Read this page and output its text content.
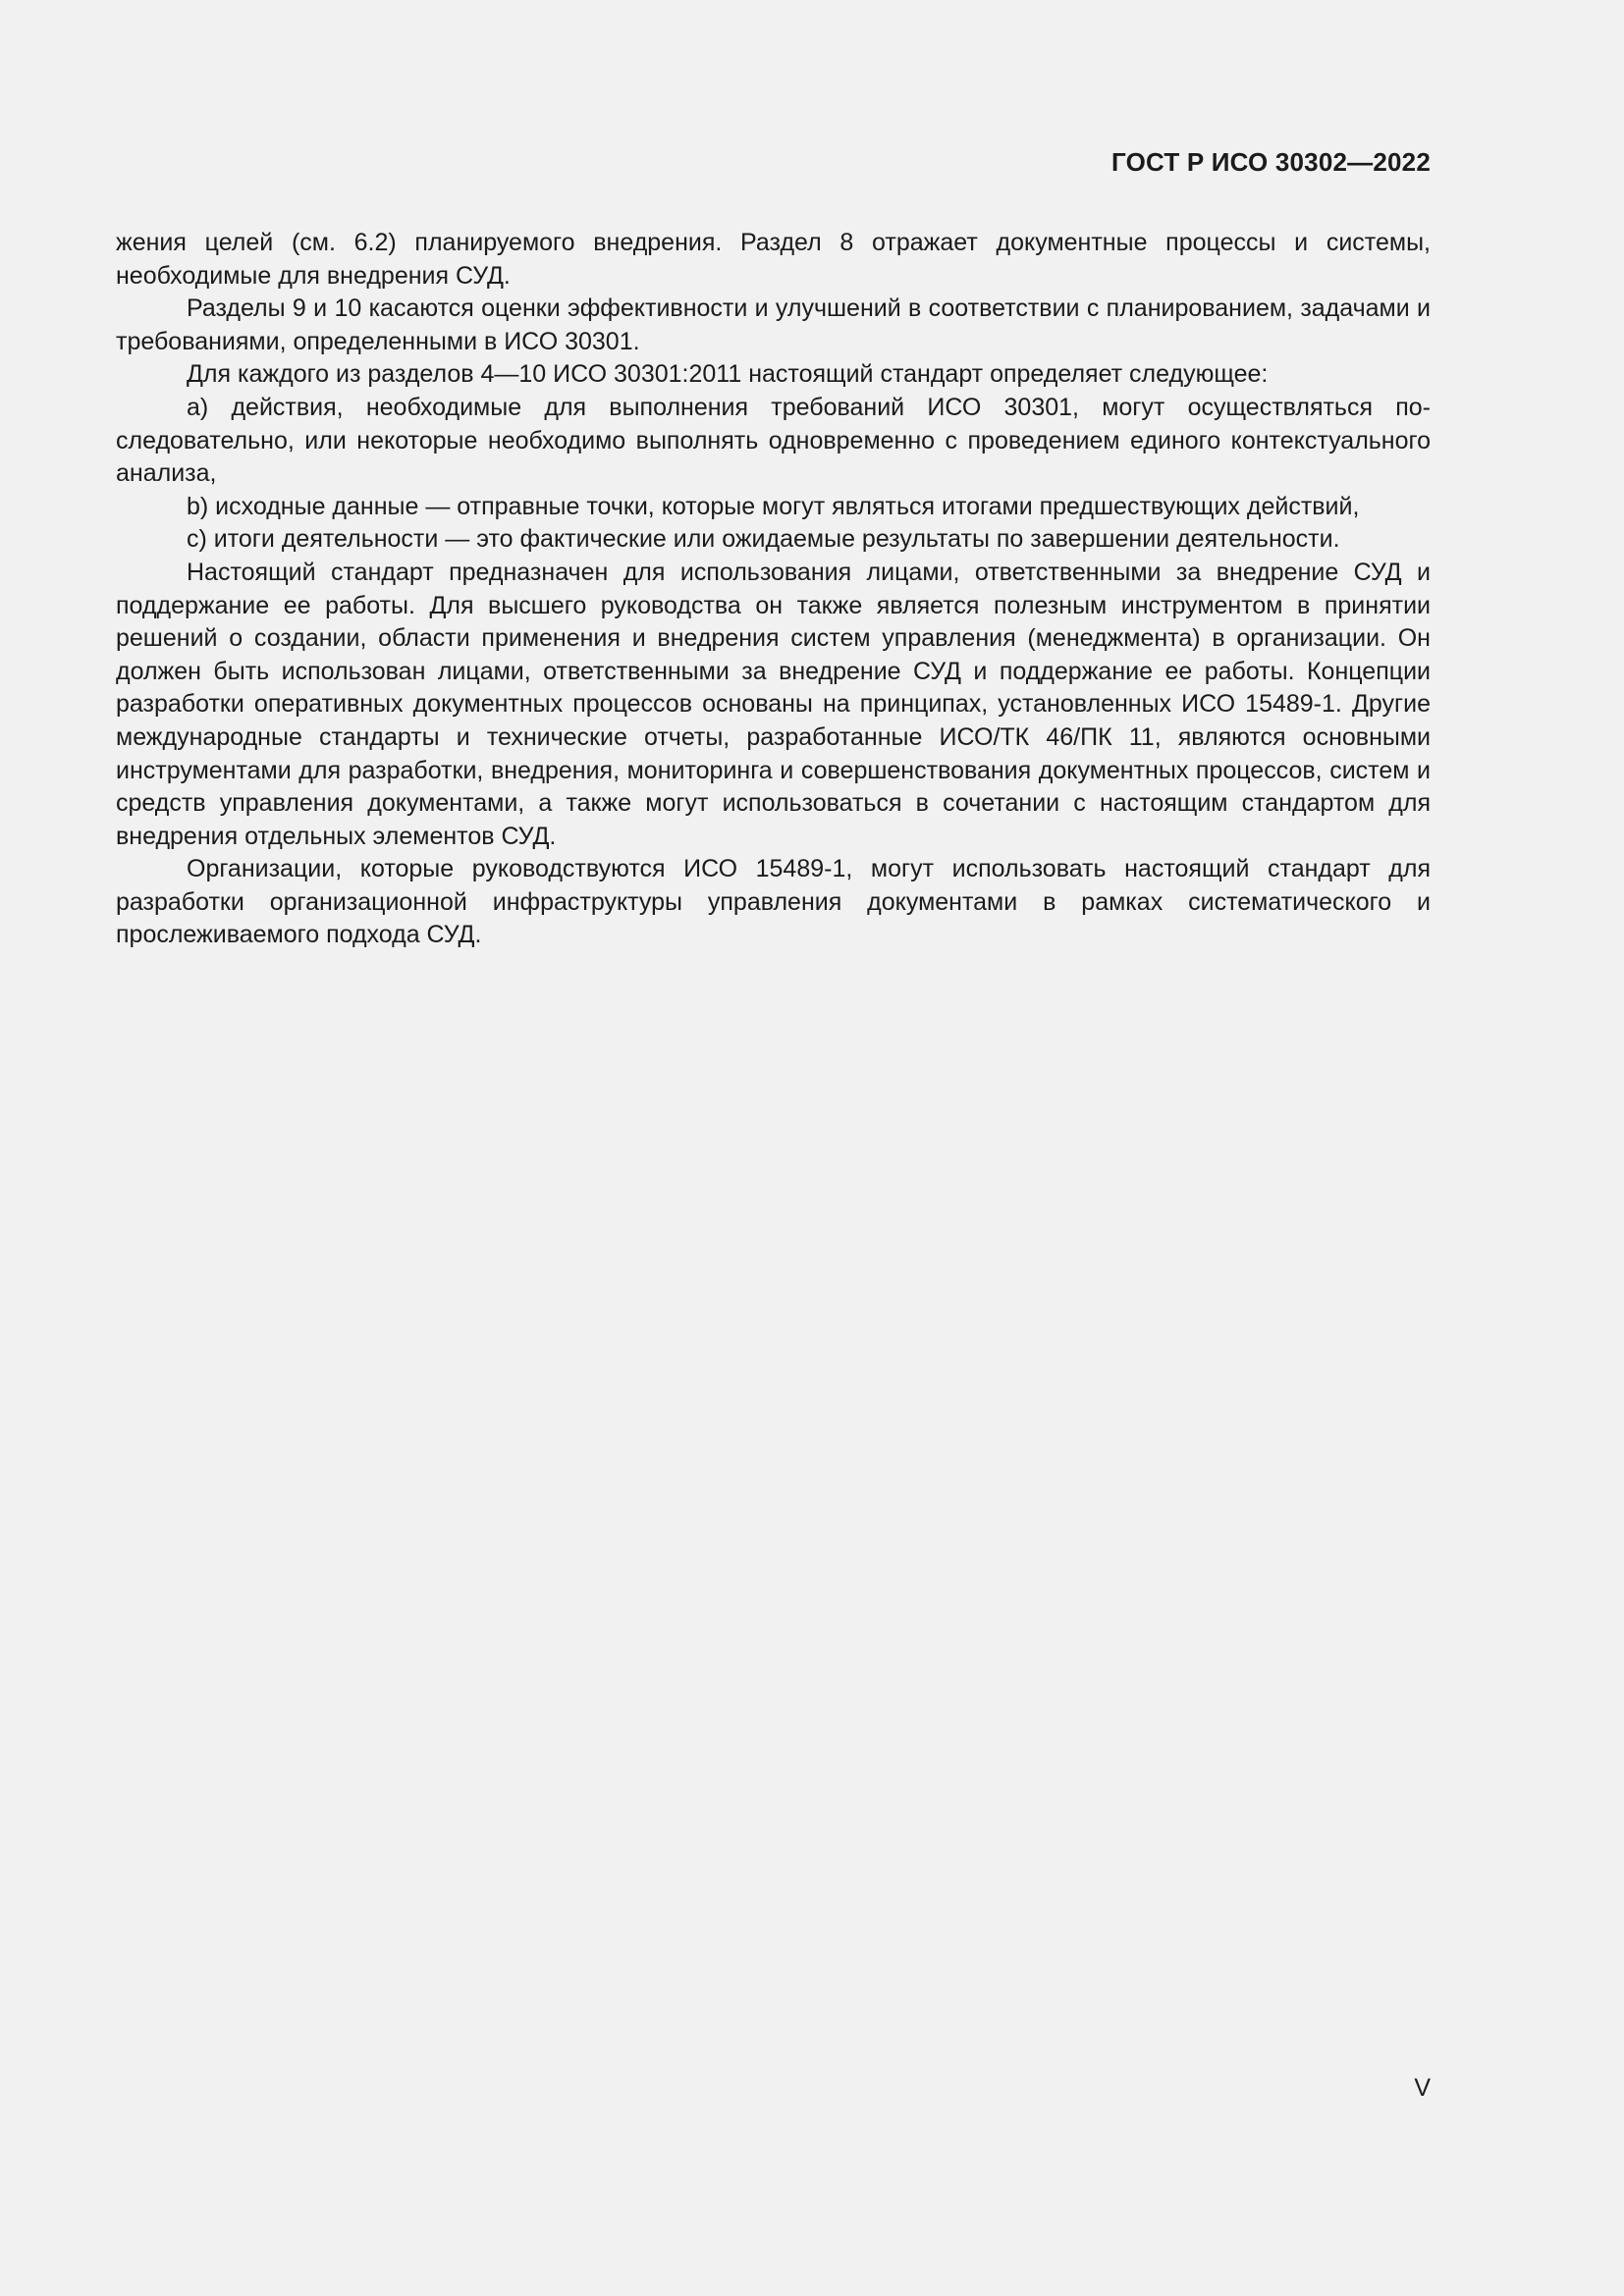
ГОСТ Р ИСО 30302—2022

жения целей (см. 6.2) планируемого внедрения. Раздел 8 отражает документные процессы и системы, необходимые для внедрения СУД.

Разделы 9 и 10 касаются оценки эффективности и улучшений в соответствии с планированием, задачами и требованиями, определенными в ИСО 30301.

Для каждого из разделов 4—10 ИСО 30301:2011 настоящий стандарт определяет следующее:

a) действия, необходимые для выполнения требований ИСО 30301, могут осуществляться последовательно, или некоторые необходимо выполнять одновременно с проведением единого контекстуального анализа,

b) исходные данные — отправные точки, которые могут являться итогами предшествующих действий,

c) итоги деятельности — это фактические или ожидаемые результаты по завершении деятельности.

Настоящий стандарт предназначен для использования лицами, ответственными за внедрение СУД и поддержание ее работы. Для высшего руководства он также является полезным инструментом в принятии решений о создании, области применения и внедрения систем управления (менеджмента) в организации. Он должен быть использован лицами, ответственными за внедрение СУД и поддержание ее работы. Концепции разработки оперативных документных процессов основаны на принципах, установленных ИСО 15489-1. Другие международные стандарты и технические отчеты, разработанные ИСО/ТК 46/ПК 11, являются основными инструментами для разработки, внедрения, мониторинга и совершенствования документных процессов, систем и средств управления документами, а также могут использоваться в сочетании с настоящим стандартом для внедрения отдельных элементов СУД.

Организации, которые руководствуются ИСО 15489-1, могут использовать настоящий стандарт для разработки организационной инфраструктуры управления документами в рамках систематического и прослеживаемого подхода СУД.

V
